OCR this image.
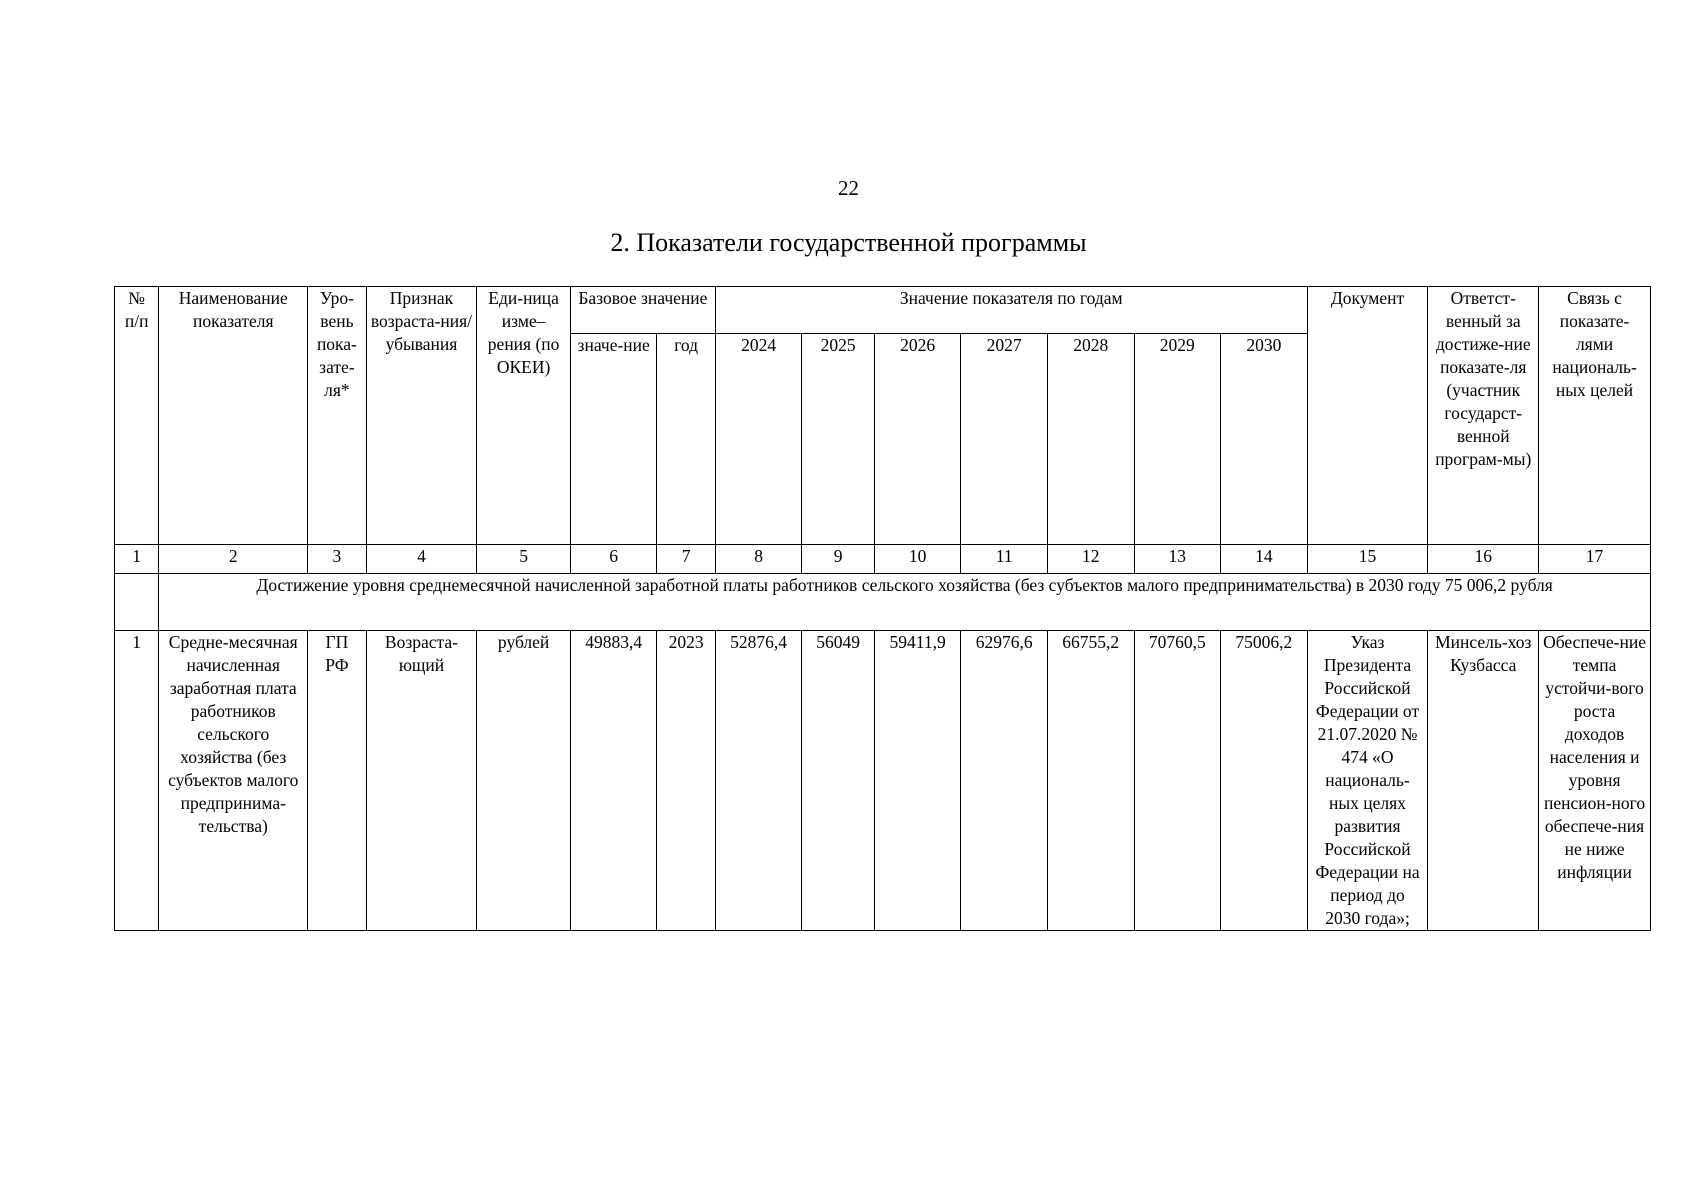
22
2. Показатели государственной программы
№ п/п	Наименование показателя	Уро-вень пока-зате-ля*	Признак возраста-ния/ убывания	Еди-ница изме– рения (по ОКЕИ)	Базовое значение		Значение показателя по годам							Документ	Ответст-венный за достиже-ние показате-ля (участник государст-венной програм-мы)	Связь с показате-лями националь-ных целей
					значе-ние	год	2024	2025	2026	2027	2028	2029	2030			
1	2	3	4	5	6	7	8	9	10	11	12	13	14	15	16	17
	Достижение уровня среднемесячной начисленной заработной платы работников сельского хозяйства (без субъектов малого предпринимательства) в 2030 году 75 006,2 рубля															
1	Средне-месячная начисленная заработная плата работников сельского хозяйства (без субъектов малого предпринима-тельства)	ГП РФ	Возраста-ющий	рублей	49883,4	2023	52876,4	56049	59411,9	62976,6	66755,2	70760,5	75006,2	Указ Президента Российской Федерации от 21.07.2020 № 474 «О националь-ных целях развития Российской Федерации на период до 2030 года»;	Минсель-хоз Кузбасса	Обеспече-ние темпа устойчи-вого роста доходов населения и уровня пенсион-ного обеспече-ния не ниже инфляции
